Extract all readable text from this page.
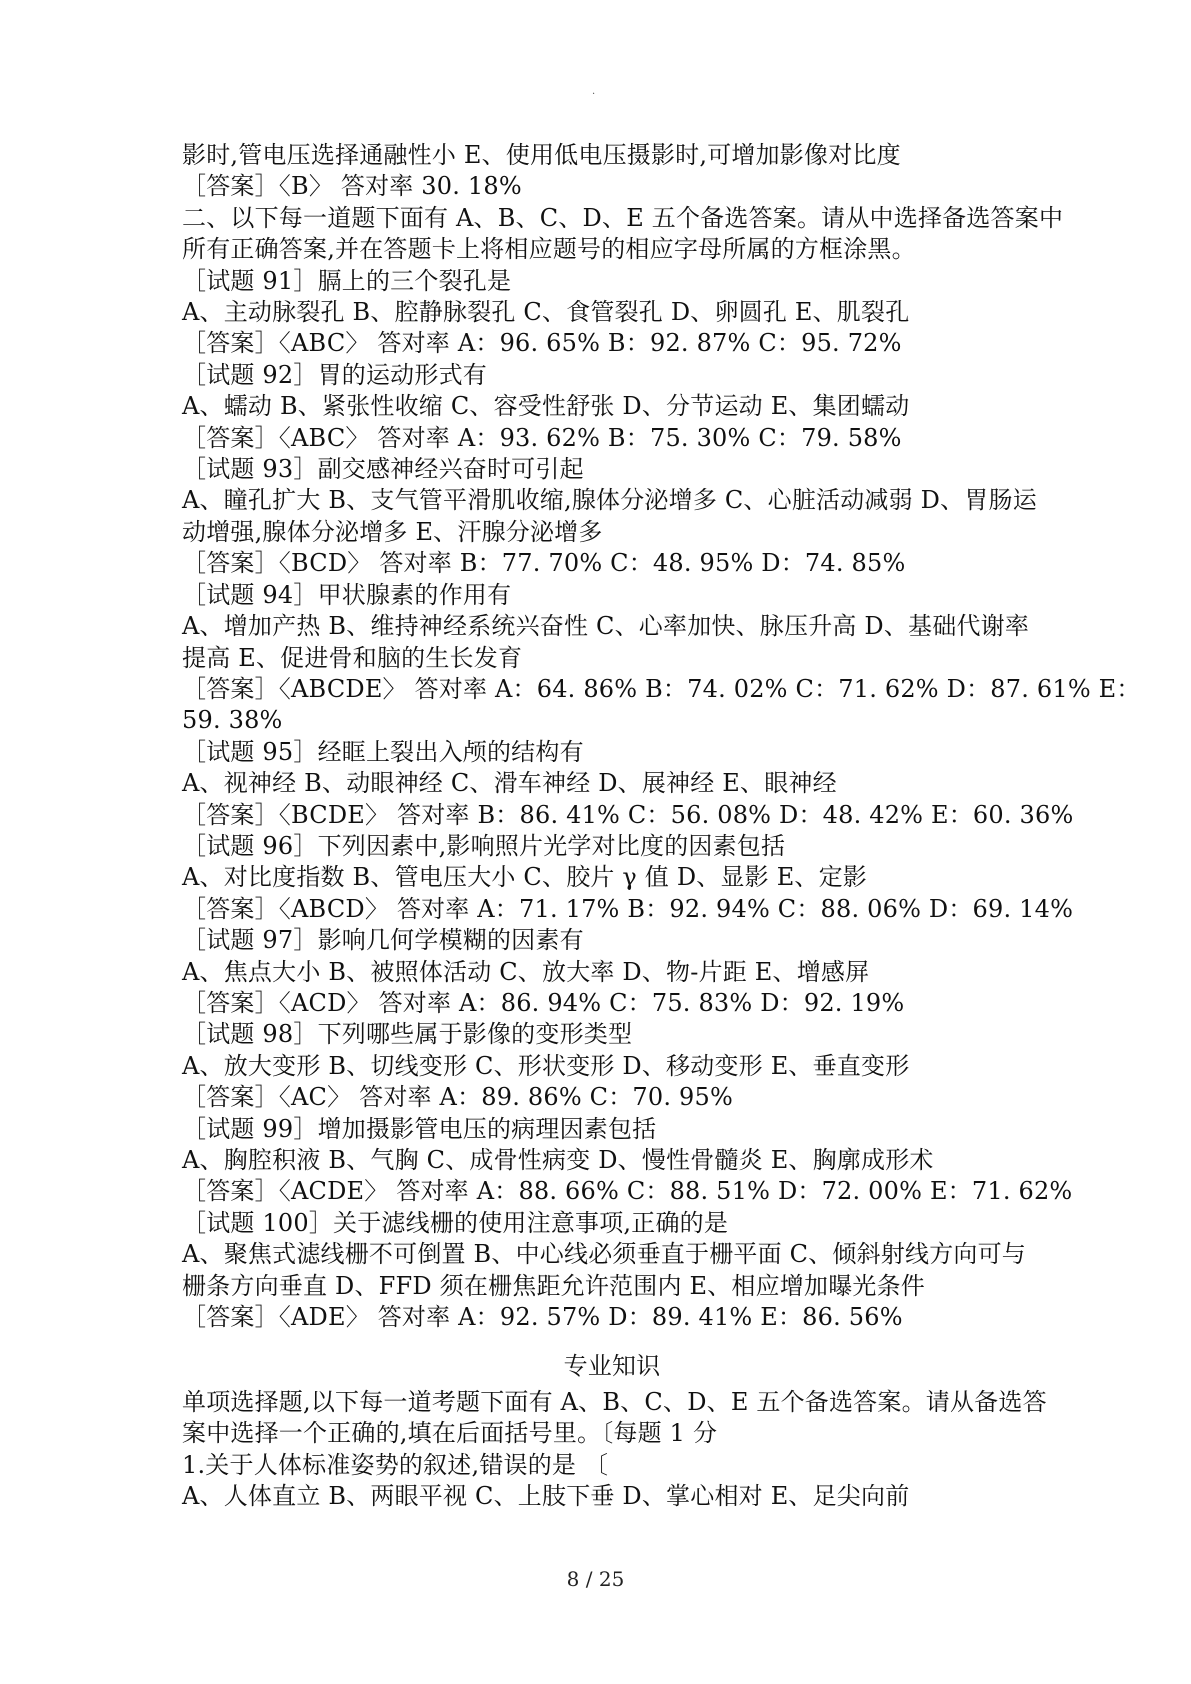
.
影时,管电压选择通融性小 E、使用低电压摄影时,可增加影像对比度
［答案］〈B〉 答对率 30. 18%
二、以下每一道题下面有 A、B、C、D、E 五个备选答案。请从中选择备选答案中
所有正确答案,并在答题卡上将相应题号的相应字母所属的方框涂黑。
［试题 91］膈上的三个裂孔是
A、主动脉裂孔 B、腔静脉裂孔 C、食管裂孔 D、卵圆孔 E、肌裂孔
［答案］〈ABC〉 答对率 A：96. 65% B：92. 87% C：95. 72%
［试题 92］胃的运动形式有
A、蠕动 B、紧张性收缩 C、容受性舒张 D、分节运动 E、集团蠕动
［答案］〈ABC〉 答对率 A：93. 62% B：75. 30% C：79. 58%
［试题 93］副交感神经兴奋时可引起
A、瞳孔扩大 B、支气管平滑肌收缩,腺体分泌增多 C、心脏活动减弱 D、胃肠运
动增强,腺体分泌增多 E、汗腺分泌增多
［答案］〈BCD〉 答对率 B：77. 70% C：48. 95% D：74. 85%
［试题 94］甲状腺素的作用有
A、增加产热 B、维持神经系统兴奋性 C、心率加快、脉压升高 D、基础代谢率
提高 E、促进骨和脑的生长发育
［答案］〈ABCDE〉 答对率 A：64. 86% B：74. 02% C：71. 62% D：87. 61% E：
59. 38%
［试题 95］经眶上裂出入颅的结构有
A、视神经 B、动眼神经 C、滑车神经 D、展神经 E、眼神经
［答案］〈BCDE〉 答对率 B：86. 41% C：56. 08% D：48. 42% E：60. 36%
［试题 96］下列因素中,影响照片光学对比度的因素包括
A、对比度指数 B、管电压大小 C、胶片 γ 值 D、显影 E、定影
［答案］〈ABCD〉 答对率 A：71. 17% B：92. 94% C：88. 06% D：69. 14%
［试题 97］影响几何学模糊的因素有
A、焦点大小 B、被照体活动 C、放大率 D、物-片距 E、增感屏
［答案］〈ACD〉 答对率 A：86. 94% C：75. 83% D：92. 19%
［试题 98］下列哪些属于影像的变形类型
A、放大变形 B、切线变形 C、形状变形 D、移动变形 E、垂直变形
［答案］〈AC〉 答对率 A：89. 86% C：70. 95%
［试题 99］增加摄影管电压的病理因素包括
A、胸腔积液 B、气胸 C、成骨性病变 D、慢性骨髓炎 E、胸廓成形术
［答案］〈ACDE〉 答对率 A：88. 66% C：88. 51% D：72. 00% E：71. 62%
［试题 100］关于滤线栅的使用注意事项,正确的是
A、聚焦式滤线栅不可倒置 B、中心线必须垂直于栅平面 C、倾斜射线方向可与
栅条方向垂直 D、FFD 须在栅焦距允许范围内 E、相应增加曝光条件
［答案］〈ADE〉 答对率 A：92. 57% D：89. 41% E：86. 56%
专业知识
单项选择题,以下每一道考题下面有 A、B、C、D、E 五个备选答案。请从备选答
案中选择一个正确的,填在后面括号里。〔每题 1 分
1.关于人体标准姿势的叙述,错误的是 〔
A、人体直立 B、两眼平视 C、上肢下垂 D、掌心相对 E、足尖向前
8 / 25
